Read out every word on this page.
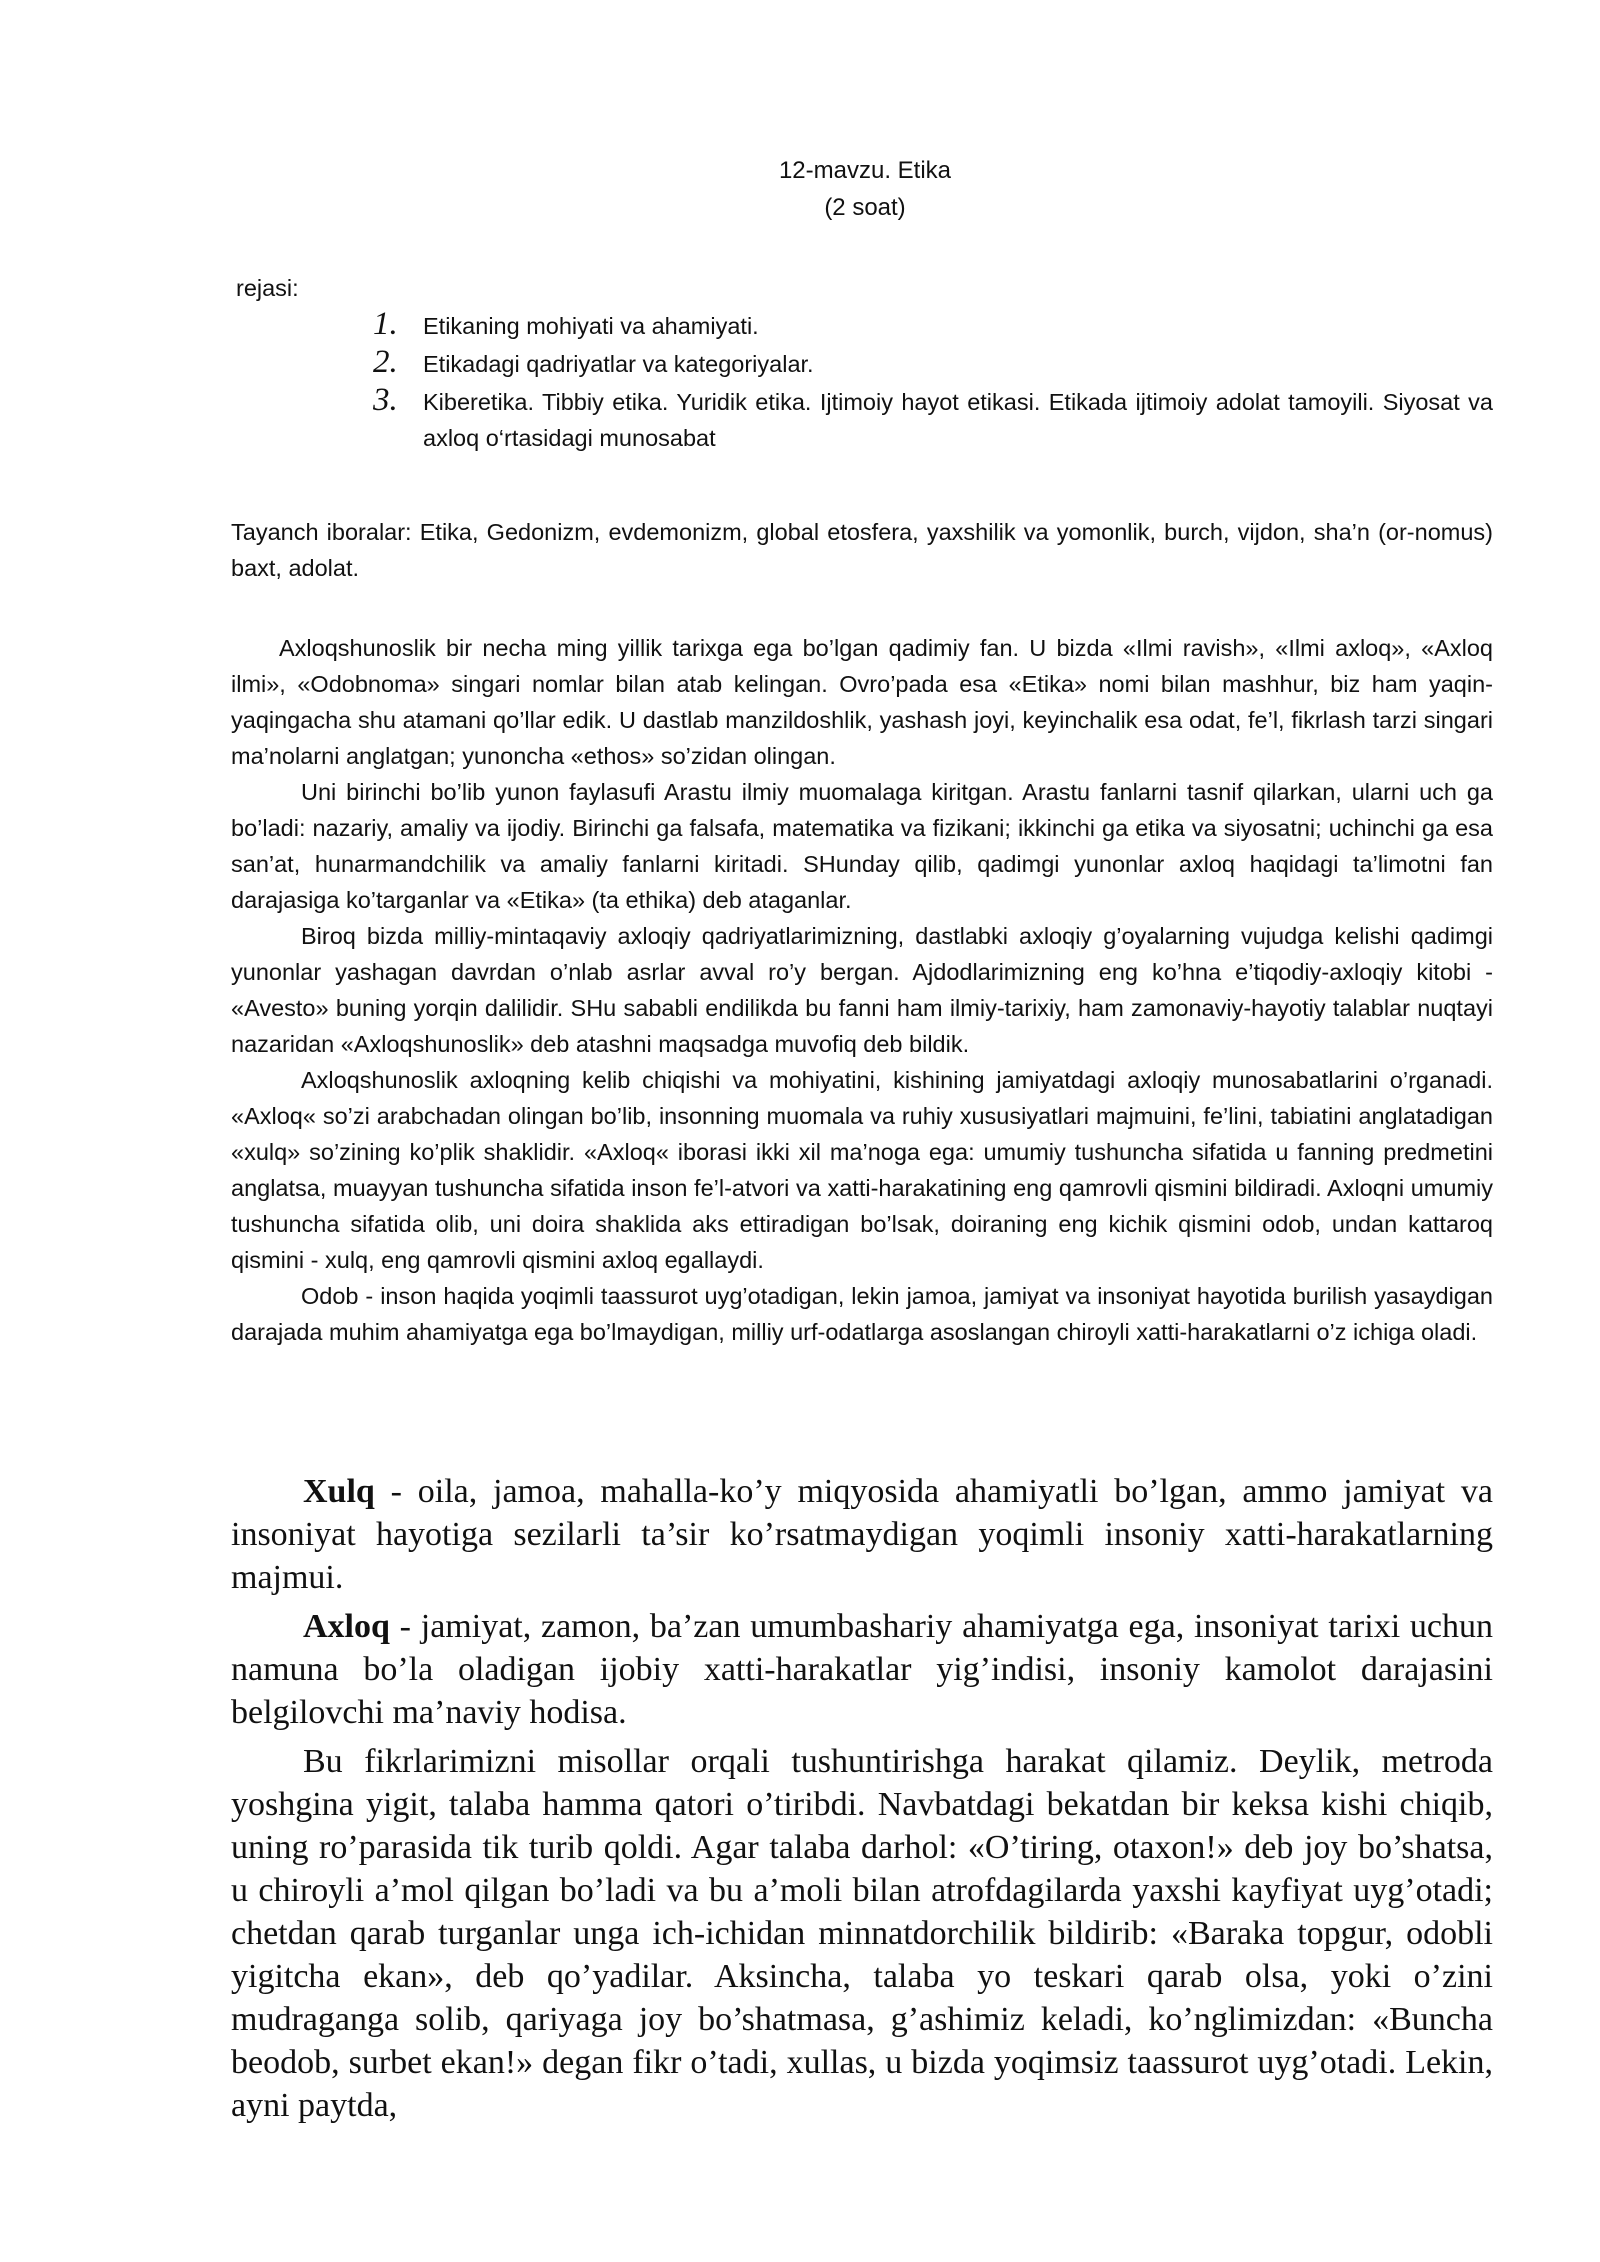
12-mavzu. Etika
(2 soat)
rejasi:
1.	Etikaning mohiyati va ahamiyati.
2.	Etikadagi qadriyatlar va kategoriyalar.
3.	Kiberetika. Tibbiy etika. Yuridik etika. Ijtimoiy hayot etikasi. Etikada ijtimoiy adolat tamoyili. Siyosat va axloq o‘rtasidagi munosabat
Tayanch iboralar: Etika, Gedonizm, evdemonizm, global etosfera, yaxshilik va yomonlik, burch, vijdon, sha’n (or-nomus) baxt, adolat.

Axloqshunoslik bir necha ming yillik tarixga ega bo’lgan qadimiy fan. U bizda «Ilmi ravish», «Ilmi axloq», «Axloq ilmi», «Odobnoma» singari nomlar bilan atab kelingan. Ovro’pada esa «Etika» nomi bilan mashhur, biz ham yaqin-yaqingacha shu atamani qo’llar edik. U dastlab manzildoshlik, yashash joyi, keyinchalik esa odat, fe’l, fikrlash tarzi singari ma’nolarni anglatgan; yunoncha «ethos» so’zidan olingan.

Uni birinchi bo’lib yunon faylasufi Arastu ilmiy muomalaga kiritgan. Arastu fanlarni tasnif qilarkan, ularni uch ga bo’ladi: nazariy, amaliy va ijodiy. Birinchi ga falsafa, matematika va fizikani; ikkinchi ga etika va siyosatni; uchinchi ga esa san’at, hunarmandchilik va amaliy fanlarni kiritadi. SHunday qilib, qadimgi yunonlar axloq haqidagi ta’limotni fan darajasiga ko’targanlar va «Etika» (ta ethika) deb ataganlar.

Biroq bizda milliy-mintaqaviy axloqiy qadriyatlarimizning, dastlabki axloqiy g’oyalarning vujudga kelishi qadimgi yunonlar yashagan davrdan o’nlab asrlar avval ro’y bergan. Ajdodlarimizning eng ko’hna e’tiqodiy-axloqiy kitobi - «Avesto» buning yorqin dalilidir. SHu sababli endilikda bu fanni ham ilmiy-tarixiy, ham zamonaviy-hayotiy talablar nuqtayi nazaridan «Axloqshunoslik» deb atashni maqsadga muvofiq deb bildik.

Axloqshunoslik axloqning kelib chiqishi va mohiyatini, kishining jamiyatdagi axloqiy munosabatlarini o’rganadi. «Axloq« so’zi arabchadan olingan bo’lib, insonning muomala va ruhiy xususiyatlari majmuini, fe’lini, tabiatini anglatadigan «xulq» so’zining ko’plik shaklidir. «Axloq« iborasi ikki xil ma’noga ega: umumiy tushuncha sifatida u fanning predmetini anglatsa, muayyan tushuncha sifatida inson fe’l-atvori va xatti-harakatining eng qamrovli qismini bildiradi. Axloqni umumiy tushuncha sifatida olib, uni doira shaklida aks ettiradigan bo’lsak, doiraning eng kichik qismini odob, undan kattaroq qismini - xulq, eng qamrovli qismini axloq egallaydi.

Odob - inson haqida yoqimli taassurot uyg’otadigan, lekin jamoa, jamiyat va insoniyat hayotida burilish yasaydigan darajada muhim ahamiyatga ega bo’lmaydigan, milliy urf-odatlarga asoslangan chiroyli xatti-harakatlarni o’z ichiga oladi.

Xulq - oila, jamoa, mahalla-ko’y miqyosida ahamiyatli bo’lgan, ammo jamiyat va insoniyat hayotiga sezilarli ta’sir ko’rsatmaydigan yoqimli insoniy xatti-harakatlarning majmui.

Axloq - jamiyat, zamon, ba’zan umumbashariy ahamiyatga ega, insoniyat tarixi uchun namuna bo’la oladigan ijobiy xatti-harakatlar yig’indisi, insoniy kamolot darajasini belgilovchi ma’naviy hodisa.

Bu fikrlarimizni misollar orqali tushuntirishga harakat qilamiz. Deylik, metroda yoshgina yigit, talaba hamma qatori o’tiribdi. Navbatdagi bekatdan bir keksa kishi chiqib, uning ro’parasida tik turib qoldi. Agar talaba darhol: «O’tiring, otaxon!» deb joy bo’shatsa, u chiroyli a’mol qilgan bo’ladi va bu a’moli bilan atrofdagilarda yaxshi kayfiyat uyg’otadi; chetdan qarab turganlar unga ich-ichidan minnatdorchilik bildirib: «Baraka topgur, odobli yigitcha ekan», deb qo’yadilar. Aksincha, talaba yo teskari qarab olsa, yoki o’zini mudraganga solib, qariyaga joy bo’shatmasa, g’ashimiz keladi, ko’nglimizdan: «Buncha beodob, surbet ekan!» degan fikr o’tadi, xullas, u bizda yoqimsiz taassurot uyg’otadi. Lekin, ayni paytda,
